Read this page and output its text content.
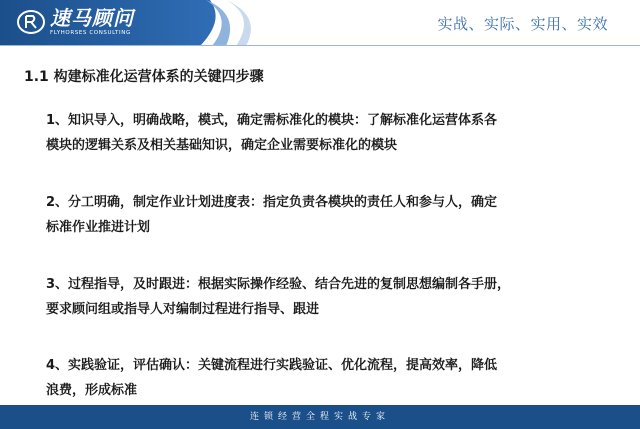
速马顾问
FLYHORSES CONSULTING	实战、实际、实用、实效
1.1 构建标准化运营体系的关键四步骤
1、知识导入，明确战略，模式，确定需标准化的模块：了解标准化运营体系各
模块的逻辑关系及相关基础知识，确定企业需要标准化的模块
2、分工明确，制定作业计划进度表：指定负责各模块的责任人和参与人，确定
标准作业推进计划
3、过程指导，及时跟进：根据实际操作经验、结合先进的复制思想编制各手册，
要求顾问组或指导人对编制过程进行指导、跟进
4、实践验证，评估确认：关键流程进行实践验证、优化流程，提高效率，降低
浪费，形成标准
连锁经营全程实战专家
